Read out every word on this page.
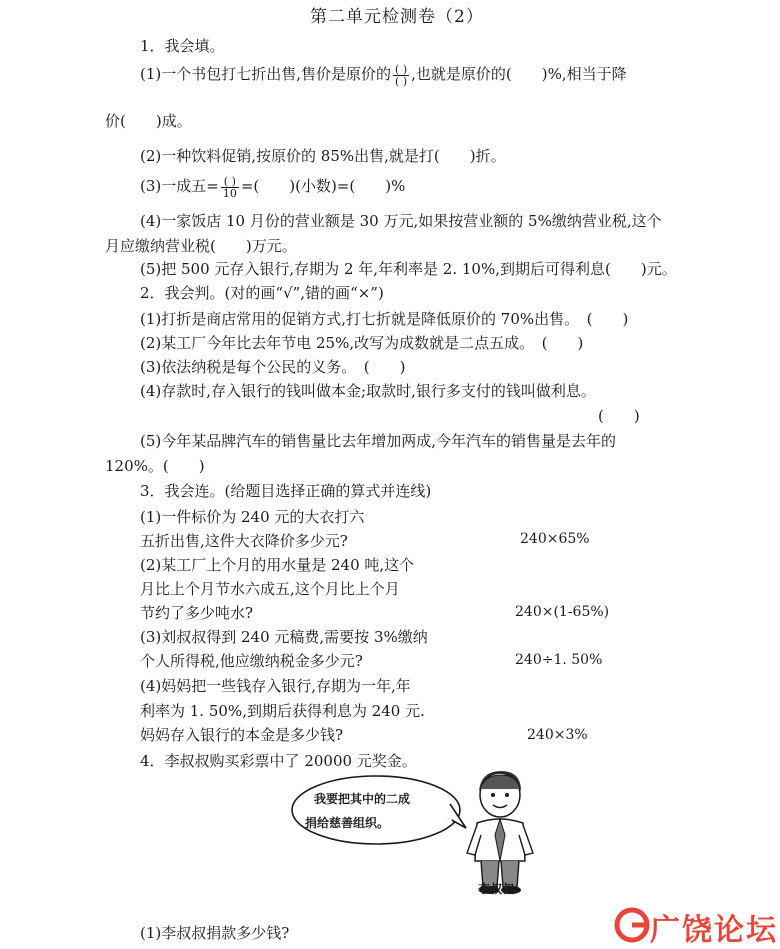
第二单元检测卷（2）
1．我会填。
(1)一个书包打七折出售,售价是原价的 $\frac{( )}{( )}$ ,也就是原价的(　　)%,相当于降
价(　　)成。
(2)一种饮料促销,按原价的 85%出售,就是打(　　)折。
(3)一成五= $\frac{( )}{10}$ =(　　)(小数)=(　　)%
(4)一家饭店 10 月份的营业额是 30 万元,如果按营业额的 5%缴纳营业税,这个
月应缴纳营业税(　　)万元。
(5)把 500 元存入银行,存期为 2 年,年利率是 2. 10%,到期后可得利息(　　)元。
2．我会判。(对的画“√”,错的画“×”)
(1)打折是商店常用的促销方式,打七折就是降低原价的 70%出售。　(　　)
(2)某工厂今年比去年节电 25%,改写为成数就是二点五成。　(　　)
(3)依法纳税是每个公民的义务。　(　　)
(4)存款时,存入银行的钱叫做本金;取款时,银行多支付的钱叫做利息。
(　　)
(5)今年某品牌汽车的销售量比去年增加两成,今年汽车的销售量是去年的
120%。(　　)
3．我会连。(给题目选择正确的算式并连线)
(1)一件标价为 240 元的大衣打六
五折出售,这件大衣降价多少元?
(2)某工厂上个月的用水量是 240 吨,这个
月比上个月节水六成五,这个月比上个月
节约了多少吨水?
(3)刘叔叔得到 240 元稿费,需要按 3%缴纳
个人所得税,他应缴纳税金多少元?
(4)妈妈把一些钱存入银行,存期为一年,年
利率为 1. 50%,到期后获得利息为 240 元.
妈妈存入银行的本金是多少钱?
240×65%
240×(1-65%)
240÷1. 50%
240×3%
4．李叔叔购买彩票中了 20000 元奖金。
我要把其中的二成
捐给慈善组织。
李叔叔
(1)李叔叔捐款多少钱?	广饶论坛
